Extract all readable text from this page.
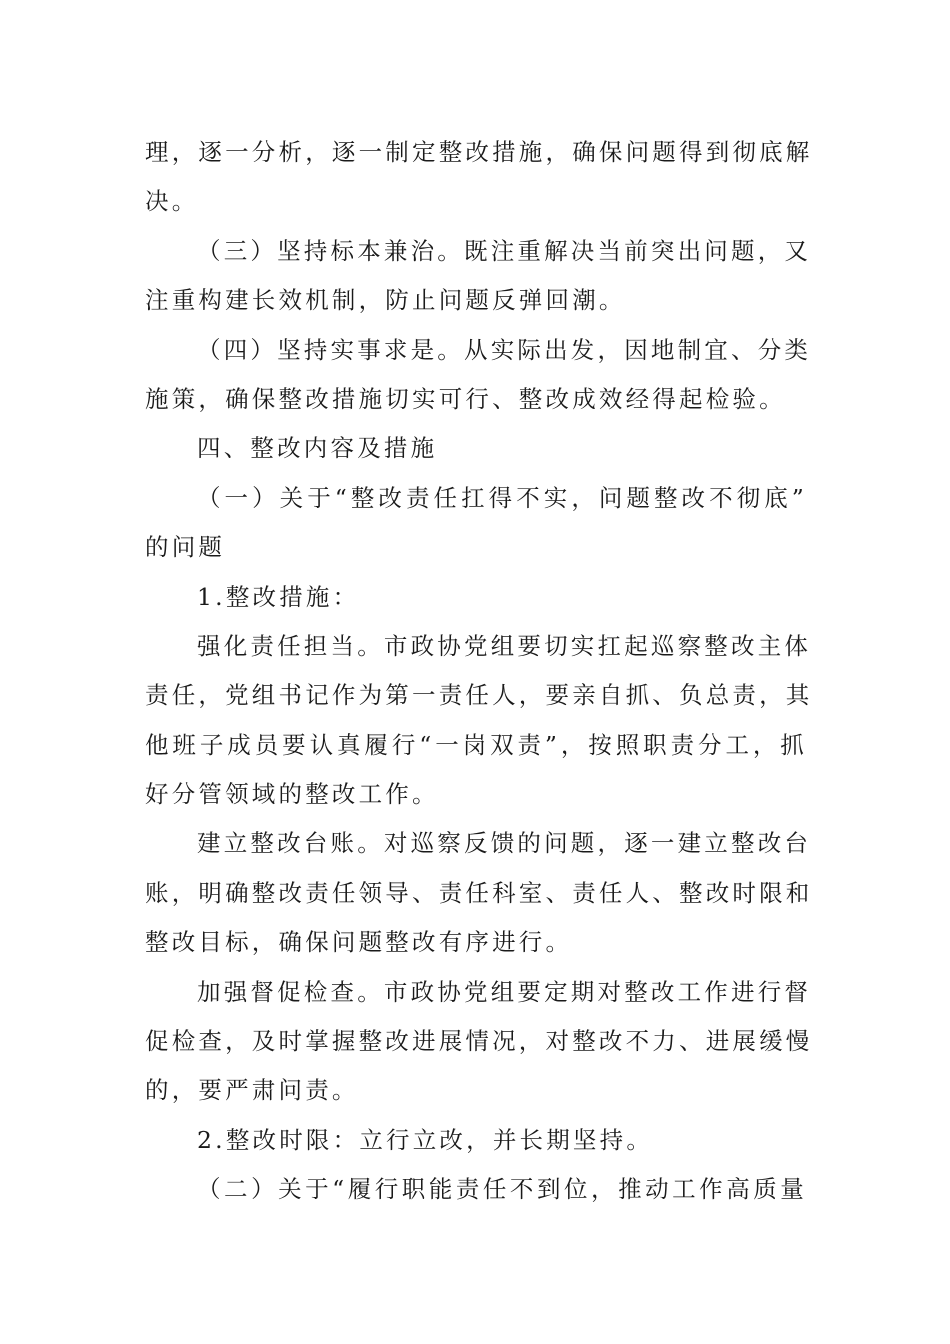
理，逐一分析，逐一制定整改措施，确保问题得到彻底解
决。
（三）坚持标本兼治。既注重解决当前突出问题，又
注重构建长效机制，防止问题反弹回潮。
（四）坚持实事求是。从实际出发，因地制宜、分类
施策，确保整改措施切实可行、整改成效经得起检验。
四、整改内容及措施
（一）关于“整改责任扛得不实，问题整改不彻底”
的问题
1.整改措施：
强化责任担当。市政协党组要切实扛起巡察整改主体
责任，党组书记作为第一责任人，要亲自抓、负总责，其
他班子成员要认真履行“一岗双责”，按照职责分工，抓
好分管领域的整改工作。
建立整改台账。对巡察反馈的问题，逐一建立整改台
账，明确整改责任领导、责任科室、责任人、整改时限和
整改目标，确保问题整改有序进行。
加强督促检查。市政协党组要定期对整改工作进行督
促检查，及时掌握整改进展情况，对整改不力、进展缓慢
的，要严肃问责。
2.整改时限：立行立改，并长期坚持。
（二）关于“履行职能责任不到位，推动工作高质量
